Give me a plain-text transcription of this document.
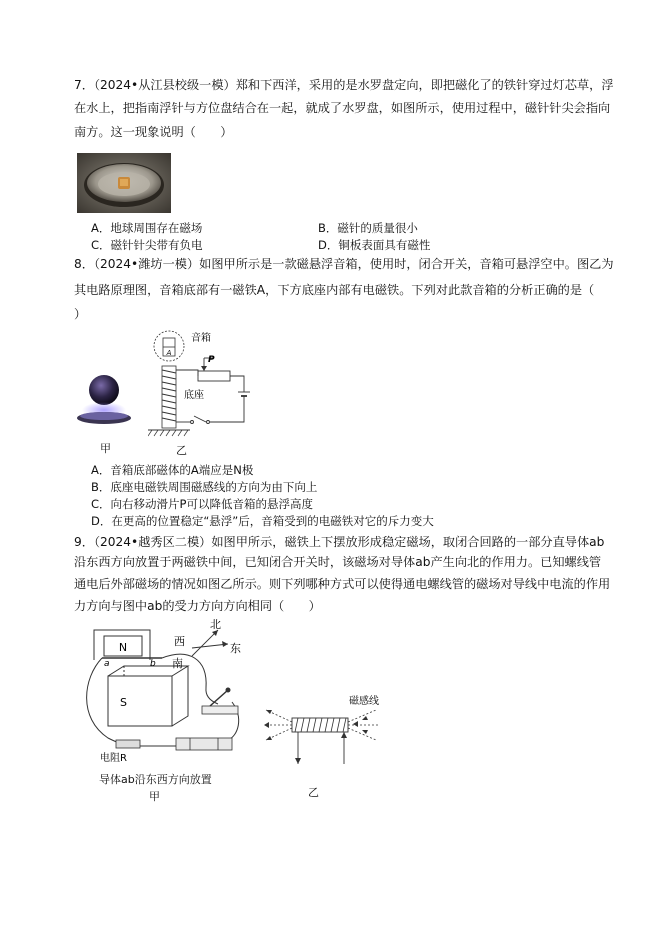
7．（2024•从江县校级一模）郑和下西洋，采用的是水罗盘定向，即把磁化了的铁针穿过灯芯草，浮
在水上，把指南浮针与方位盘结合在一起，就成了水罗盘，如图所示，使用过程中，磁针针尖会指向
南方。这一现象说明（　　）
A．地球周围存在磁场	B．磁针的质量很小
C．磁针针尖带有负电	D．铜板表面具有磁性
8．（2024•潍坊一模）如图甲所示是一款磁悬浮音箱，使用时，闭合开关，音箱可悬浮空中。图乙为
其电路原理图，音箱底部有一磁铁A，下方底座内部有电磁铁。下列对此款音箱的分析正确的是（
）
甲
A
音箱
P
底座
乙
A．音箱底部磁体的A端应是N极
B．底座电磁铁周围磁感线的方向为由下向上
C．向右移动滑片P可以降低音箱的悬浮高度
D．在更高的位置稳定“悬浮”后，音箱受到的电磁铁对它的斥力变大
9．（2024•越秀区二模）如图甲所示，磁铁上下摆放形成稳定磁场，取闭合回路的一部分直导体ab
沿东西方向放置于两磁铁中间，已知闭合开关时，该磁场对导体ab产生向北的作用力。已知螺线管
通电后外部磁场的情况如图乙所示。则下列哪种方式可以使得通电螺线管的磁场对导线中电流的作用
力方向与图中ab的受力方向方向相同（　　）
N
S
a	b
电阻R
西
南
北
东
导体ab沿东西方向放置
甲
磁感线
乙
